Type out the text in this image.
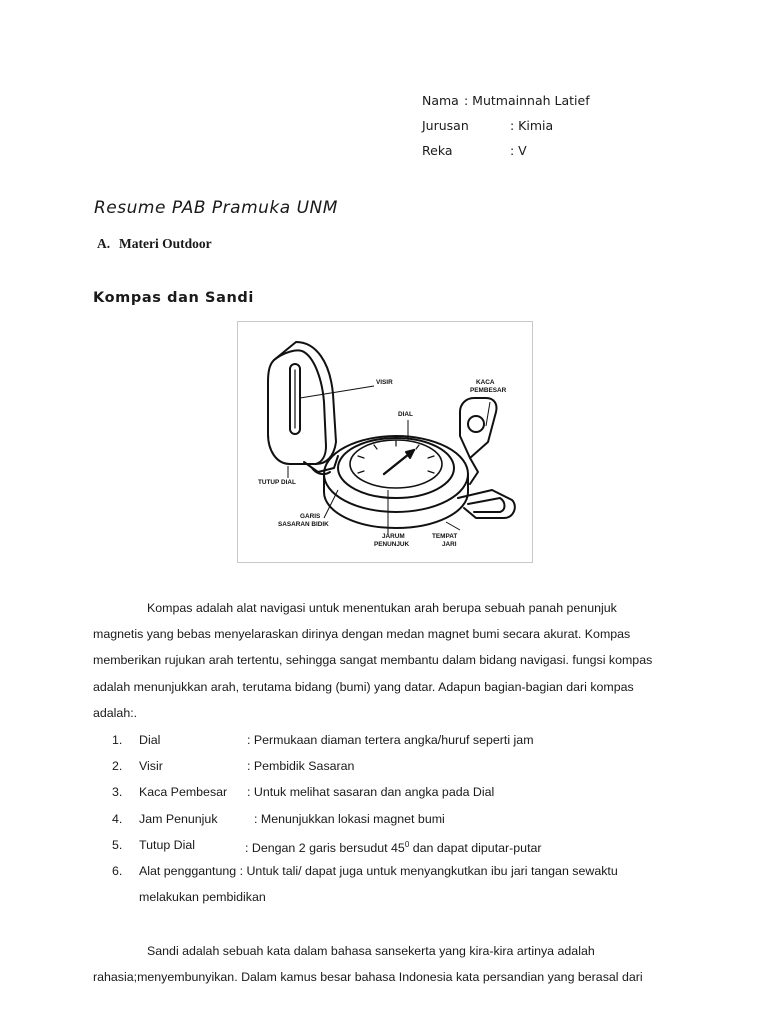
Nama : Mutmainnah Latief
Jurusan	: Kimia
Reka	: V
Resume PAB Pramuka UNM
A. Materi Outdoor
Kompas dan Sandi
VISIR	KACA
PEMBESAR
DIAL
TUTUP DIAL
GARIS
SASARAN BIDIK
JARUM
PENUNJUK
TEMPAT
JARI
Kompas adalah alat navigasi untuk menentukan arah berupa sebuah panah penunjuk
magnetis yang bebas menyelaraskan dirinya dengan medan magnet bumi secara akurat. Kompas
memberikan rujukan arah tertentu, sehingga sangat membantu dalam bidang navigasi. fungsi kompas
adalah menunjukkan arah, terutama bidang (bumi) yang datar. Adapun bagian-bagian dari kompas
adalah:.
1. Dial	: Permukaan diaman tertera angka/huruf seperti jam
2. Visir	: Pembidik Sasaran
3. Kaca Pembesar : Untuk melihat sasaran dan angka pada Dial
4. Jam Penunjuk	: Menunjukkan lokasi magnet bumi
5. Tutup Dial	: Dengan 2 garis bersudut $45^0$ dan dapat diputar-putar
6. Alat penggantung : Untuk tali/ dapat juga untuk menyangkutkan ibu jari tangan sewaktu
melakukan pembidikan
Sandi adalah sebuah kata dalam bahasa sansekerta yang kira-kira artinya adalah
rahasia;menyembunyikan. Dalam kamus besar bahasa Indonesia kata persandian yang berasal dari
